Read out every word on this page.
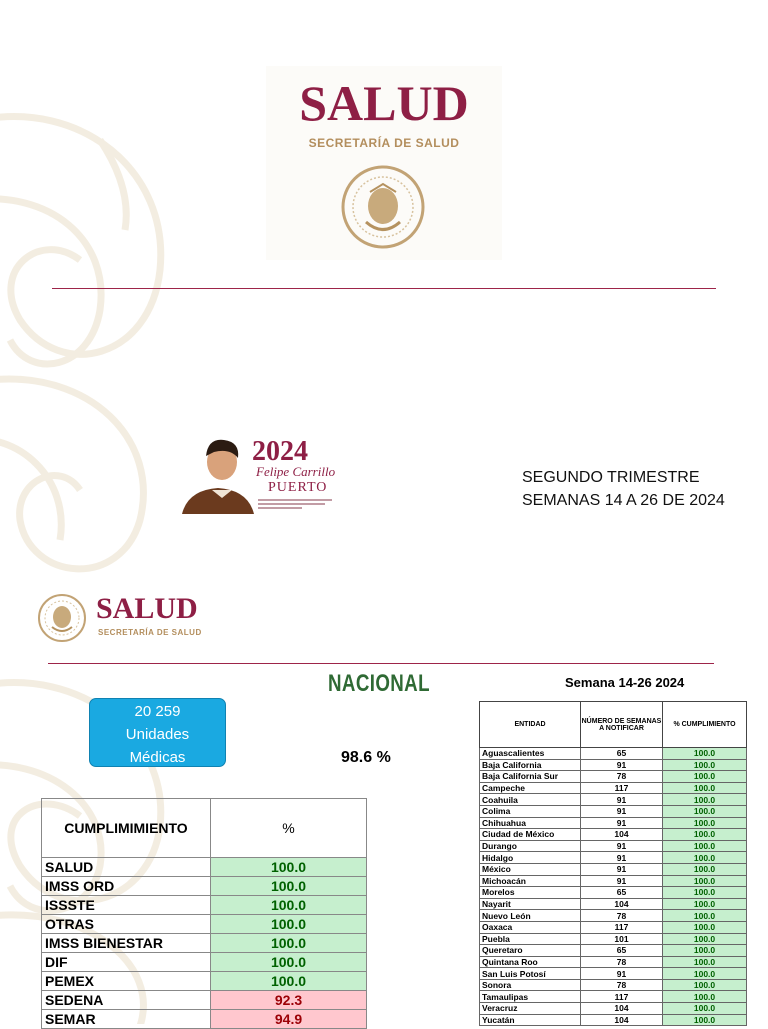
SALUD
SECRETARÍA DE SALUD
2024
Felipe Carrillo
PUERTO
SEGUNDO TRIMESTRE
SEMANAS 14 A 26 DE 2024
SALUD
SECRETARÍA DE SALUD
NACIONAL
20 259
Unidades
Médicas	98.6 %
CUMPLIMIMIENTO	%
SALUD	100.0
IMSS ORD	100.0
ISSSTE	100.0
OTRAS	100.0
IMSS BIENESTAR	100.0
DIF	100.0
PEMEX	100.0
SEDENA	92.3
SEMAR	94.9
Semana 14-26 2024
ENTIDAD	NÚMERO DE SEMANAS A NOTIFICAR	% CUMPLIMIENTO
Aguascalientes	65	100.0
Baja California	91	100.0
Baja California Sur	78	100.0
Campeche	117	100.0
Coahuila	91	100.0
Colima	91	100.0
Chihuahua	91	100.0
Ciudad de México	104	100.0
Durango	91	100.0
Hidalgo	91	100.0
México	91	100.0
Michoacán	91	100.0
Morelos	65	100.0
Nayarit	104	100.0
Nuevo León	78	100.0
Oaxaca	117	100.0
Puebla	101	100.0
Queretaro	65	100.0
Quintana Roo	78	100.0
San Luis Potosí	91	100.0
Sonora	78	100.0
Tamaulipas	117	100.0
Veracruz	104	100.0
Yucatán	104	100.0
